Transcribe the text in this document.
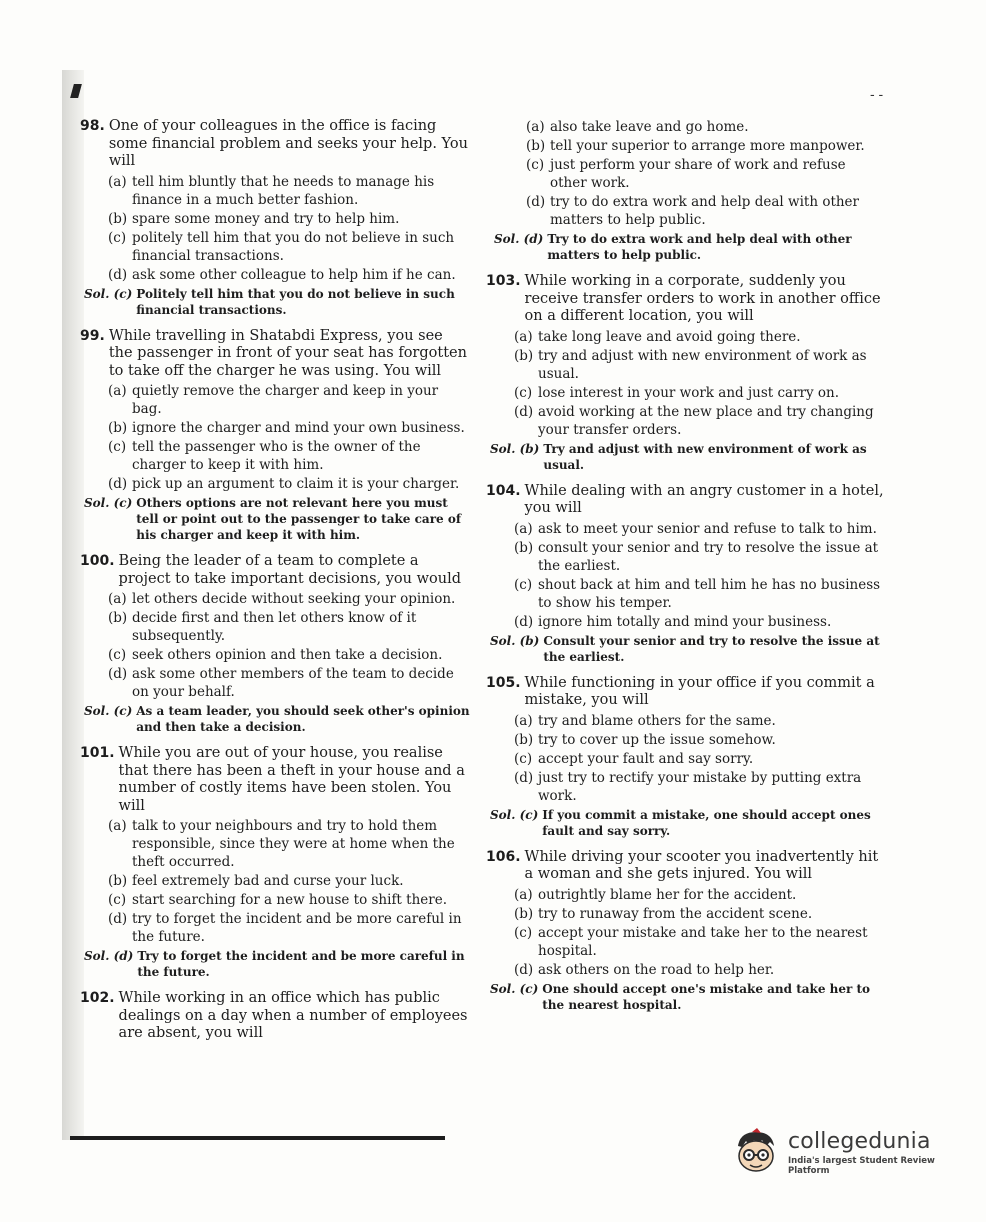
- -
98. One of your colleagues in the office is facing some financial problem and seeks your help. You will
(a) tell him bluntly that he needs to manage his finance in a much better fashion.
(b) spare some money and try to help him.
(c) politely tell him that you do not believe in such financial transactions.
(d) ask some other colleague to help him if he can.
Sol. (c) Politely tell him that you do not believe in such financial transactions.
99. While travelling in Shatabdi Express, you see the passenger in front of your seat has forgotten to take off the charger he was using. You will
(a) quietly remove the charger and keep in your bag.
(b) ignore the charger and mind your own business.
(c) tell the passenger who is the owner of the charger to keep it with him.
(d) pick up an argument to claim it is your charger.
Sol. (c) Others options are not relevant here you must tell or point out to the passenger to take care of his charger and keep it with him.
100. Being the leader of a team to complete a project to take important decisions, you would
(a) let others decide without seeking your opinion.
(b) decide first and then let others know of it subsequently.
(c) seek others opinion and then take a decision.
(d) ask some other members of the team to decide on your behalf.
Sol. (c) As a team leader, you should seek other's opinion and then take a decision.
101. While you are out of your house, you realise that there has been a theft in your house and a number of costly items have been stolen. You will
(a) talk to your neighbours and try to hold them responsible, since they were at home when the theft occurred.
(b) feel extremely bad and curse your luck.
(c) start searching for a new house to shift there.
(d) try to forget the incident and be more careful in the future.
Sol. (d) Try to forget the incident and be more careful in the future.
102. While working in an office which has public dealings on a day when a number of employees are absent, you will
(a) also take leave and go home.
(b) tell your superior to arrange more manpower.
(c) just perform your share of work and refuse other work.
(d) try to do extra work and help deal with other matters to help public.
Sol. (d) Try to do extra work and help deal with other matters to help public.
103. While working in a corporate, suddenly you receive transfer orders to work in another office on a different location, you will
(a) take long leave and avoid going there.
(b) try and adjust with new environment of work as usual.
(c) lose interest in your work and just carry on.
(d) avoid working at the new place and try changing your transfer orders.
Sol. (b) Try and adjust with new environment of work as usual.
104. While dealing with an angry customer in a hotel, you will
(a) ask to meet your senior and refuse to talk to him.
(b) consult your senior and try to resolve the issue at the earliest.
(c) shout back at him and tell him he has no business to show his temper.
(d) ignore him totally and mind your business.
Sol. (b) Consult your senior and try to resolve the issue at the earliest.
105. While functioning in your office if you commit a mistake, you will
(a) try and blame others for the same.
(b) try to cover up the issue somehow.
(c) accept your fault and say sorry.
(d) just try to rectify your mistake by putting extra work.
Sol. (c) If you commit a mistake, one should accept ones fault and say sorry.
106. While driving your scooter you inadvertently hit a woman and she gets injured. You will
(a) outrightly blame her for the accident.
(b) try to runaway from the accident scene.
(c) accept your mistake and take her to the nearest hospital.
(d) ask others on the road to help her.
Sol. (c) One should accept one's mistake and take her to the nearest hospital.
collegedunia
India's largest Student Review Platform
